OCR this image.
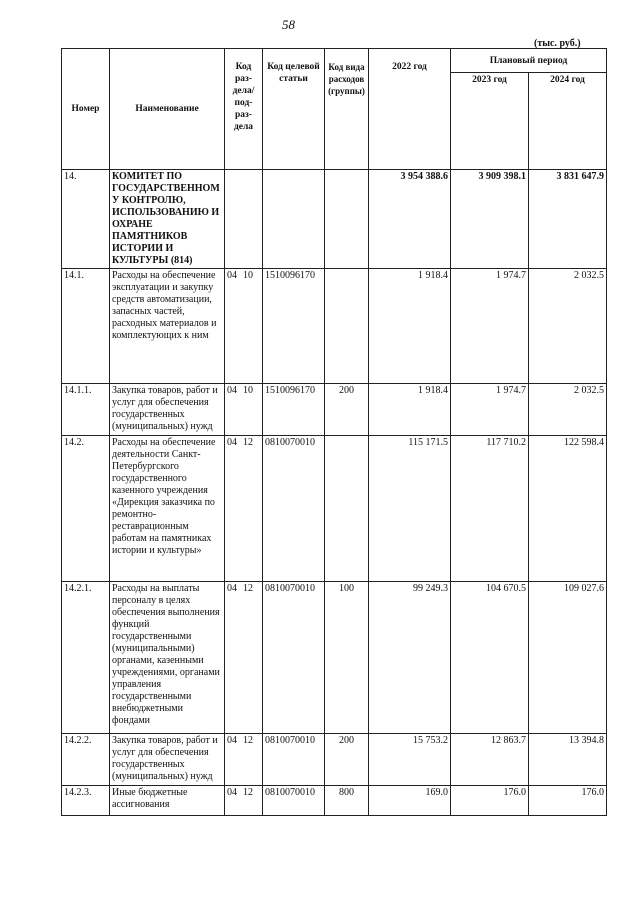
58
(тыс. руб.)
Номер	Наименование	Код раз-дела/ под-раз-дела	Код целевой статьи	Код вида расходов (группы)	2022 год	Плановый период	
						2023 год	2024 год
14.	КОМИТЕТ ПО ГОСУДАРСТВЕННОМ У КОНТРОЛЮ, ИСПОЛЬЗОВАНИЮ И ОХРАНЕ ПАМЯТНИКОВ ИСТОРИИ И КУЛЬТУРЫ (814)				3 954 388.6	3 909 398.1	3 831 647.9
14.1.	Расходы на обеспечение эксплуатации и закупку средств автоматизации, запасных частей, расходных материалов и комплектующих к ним	04 10	1510096170		1 918.4	1 974.7	2 032.5
14.1.1.	Закупка товаров, работ и услуг для обеспечения государственных (муниципальных) нужд	04 10	1510096170	200	1 918.4	1 974.7	2 032.5
14.2.	Расходы на обеспечение деятельности Санкт-Петербургского государственного казенного учреждения «Дирекция заказчика по ремонтно-реставрационным работам на памятниках истории и культуры»	04 12	0810070010		115 171.5	117 710.2	122 598.4
14.2.1.	Расходы на выплаты персоналу в целях обеспечения выполнения функций государственными (муниципальными) органами, казенными учреждениями, органами управления государственными внебюджетными фондами	04 12	0810070010	100	99 249.3	104 670.5	109 027.6
14.2.2.	Закупка товаров, работ и услуг для обеспечения государственных (муниципальных) нужд	04 12	0810070010	200	15 753.2	12 863.7	13 394.8
14.2.3.	Иные бюджетные ассигнования	04 12	0810070010	800	169.0	176.0	176.0
